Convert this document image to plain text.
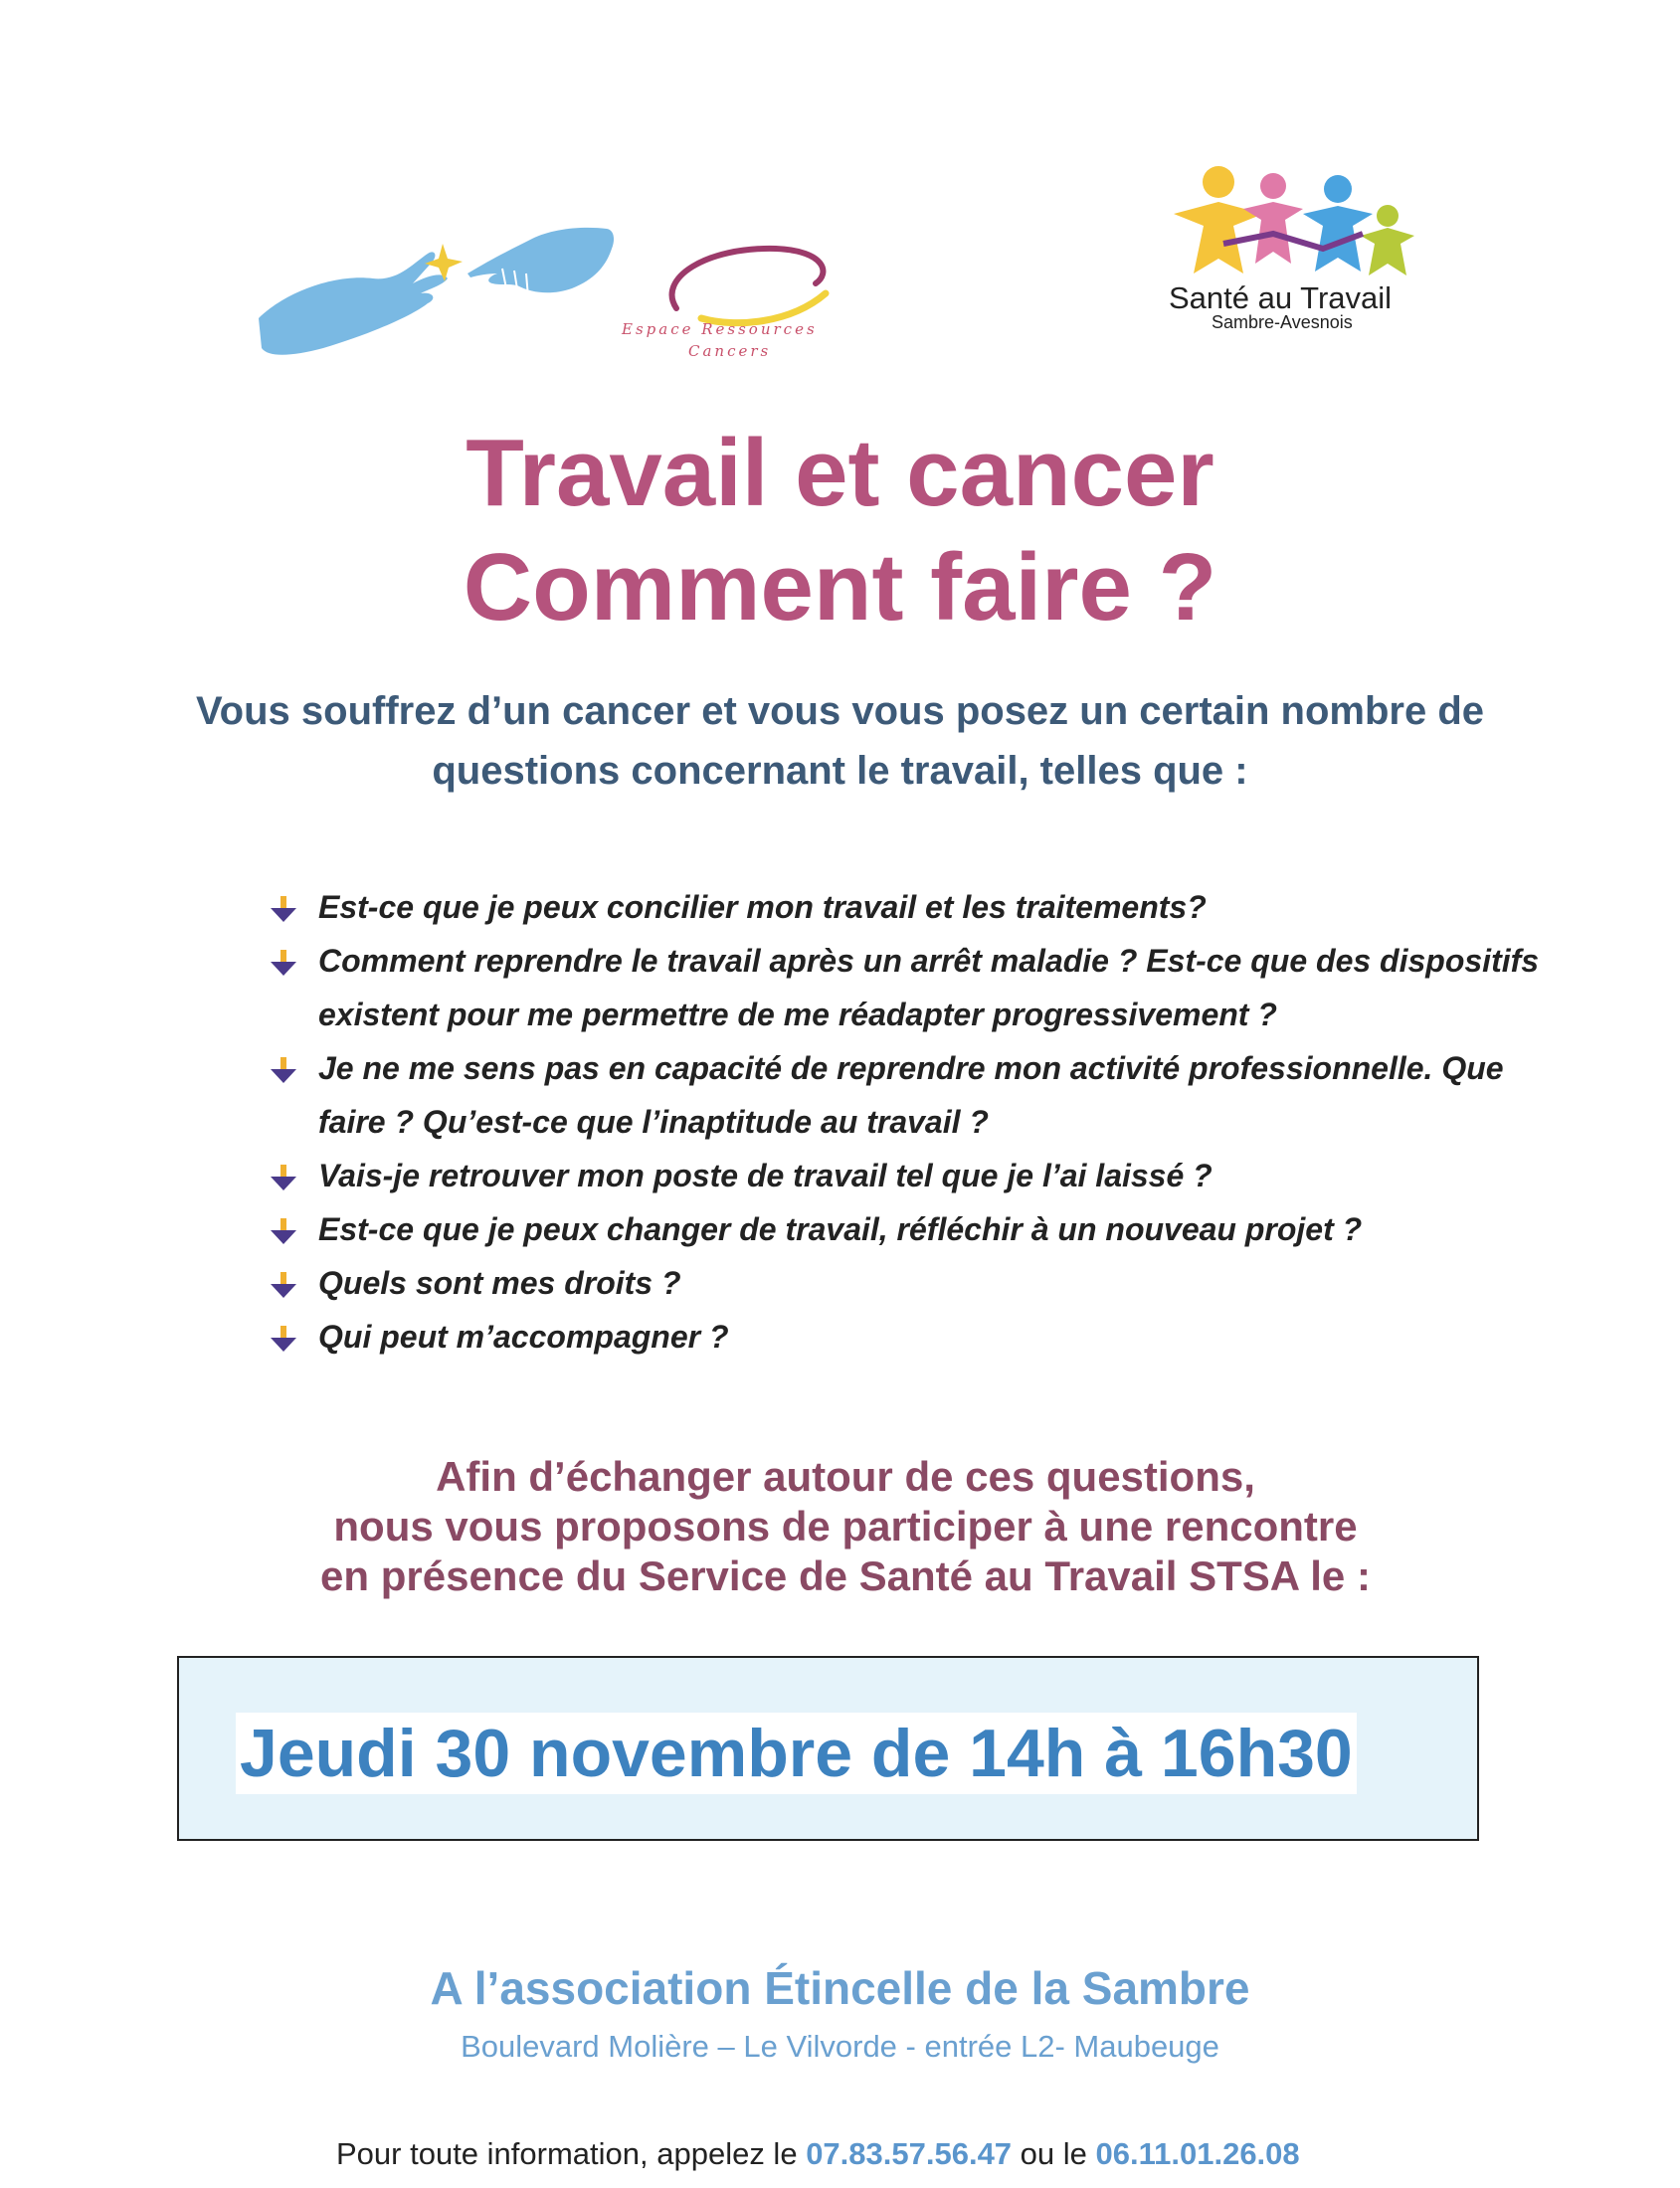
Espace Ressources
Cancers
Santé au Travail
Sambre-Avesnois
Travail et cancer
Comment faire ?
Vous souffrez d’un cancer et vous vous posez un certain nombre de
questions concernant le travail, telles que :
Est-ce que je peux concilier mon travail et les traitements?
Comment reprendre le travail après un arrêt maladie ? Est-ce que des dispositifs existent pour me permettre de me réadapter progressivement ?
Je ne me sens pas en capacité de reprendre mon activité professionnelle. Que faire ? Qu’est-ce que l’inaptitude au travail ?
Vais-je retrouver mon poste de travail tel que je l’ai laissé ?
Est-ce que je peux changer de travail, réfléchir à un nouveau projet ?
Quels sont mes droits ?
Qui peut m’accompagner ?
Afin d’échanger autour de ces questions,
nous vous proposons de participer à une rencontre
en présence du Service de Santé au Travail STSA le :
Jeudi 30 novembre de 14h à 16h30
A l’association Étincelle de la Sambre
Boulevard Molière – Le Vilvorde - entrée L2- Maubeuge
Pour toute information, appelez le 07.83.57.56.47 ou le 06.11.01.26.08
